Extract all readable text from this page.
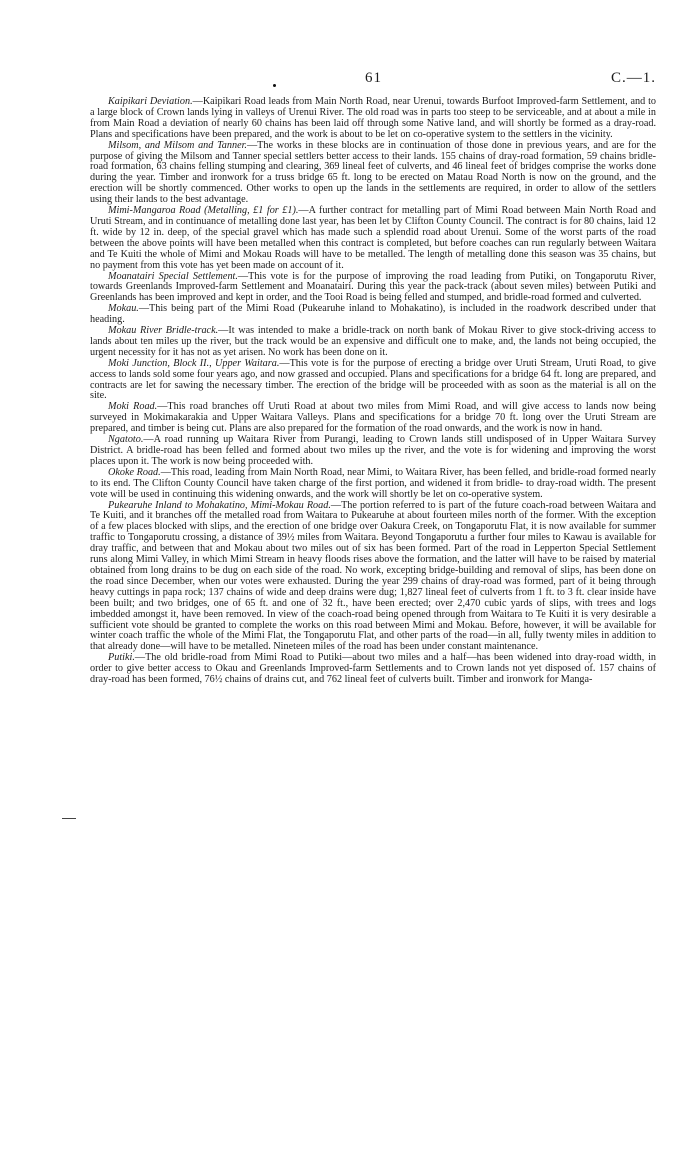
61	C.—1.

Kaipikari Deviation.—Kaipikari Road leads from Main North Road, near Urenui, towards Burfoot Improved-farm Settlement, and to a large block of Crown lands lying in valleys of Urenui River. The old road was in parts too steep to be serviceable, and at about a mile in from Main Road a deviation of nearly 60 chains has been laid off through some Native land, and will shortly be formed as a dray-road. Plans and specifications have been prepared, and the work is about to be let on co-operative system to the settlers in the vicinity.

Milsom, and Milsom and Tanner.—The works in these blocks are in continuation of those done in previous years, and are for the purpose of giving the Milsom and Tanner special settlers better access to their lands. 155 chains of dray-road formation, 59 chains bridle-road formation, 63 chains felling stumping and clearing, 369 lineal feet of culverts, and 46 lineal feet of bridges comprise the works done during the year. Timber and ironwork for a truss bridge 65 ft. long to be erected on Matau Road North is now on the ground, and the erection will be shortly commenced. Other works to open up the lands in the settlements are required, in order to allow of the settlers using their lands to the best advantage.

Mimi-Mangaroa Road (Metalling, £1 for £1).—A further contract for metalling part of Mimi Road between Main North Road and Uruti Stream, and in continuance of metalling done last year, has been let by Clifton County Council. The contract is for 80 chains, laid 12 ft. wide by 12 in. deep, of the special gravel which has made such a splendid road about Urenui. Some of the worst parts of the road between the above points will have been metalled when this contract is completed, but before coaches can run regularly between Waitara and Te Kuiti the whole of Mimi and Mokau Roads will have to be metalled. The length of metalling done this season was 35 chains, but no payment from this vote has yet been made on account of it.

Moanatairi Special Settlement.—This vote is for the purpose of improving the road leading from Putiki, on Tongaporutu River, towards Greenlands Improved-farm Settlement and Moanatairi. During this year the pack-track (about seven miles) between Putiki and Greenlands has been improved and kept in order, and the Tooi Road is being felled and stumped, and bridle-road formed and culverted.

Mokau.—This being part of the Mimi Road (Pukearuhe inland to Mohakatino), is included in the roadwork described under that heading.

Mokau River Bridle-track.—It was intended to make a bridle-track on north bank of Mokau River to give stock-driving access to lands about ten miles up the river, but the track would be an expensive and difficult one to make, and, the lands not being occupied, the urgent necessity for it has not as yet arisen. No work has been done on it.

Moki Junction, Block II., Upper Waitara.—This vote is for the purpose of erecting a bridge over Uruti Stream, Uruti Road, to give access to lands sold some four years ago, and now grassed and occupied. Plans and specifications for a bridge 64 ft. long are prepared, and contracts are let for sawing the necessary timber. The erection of the bridge will be proceeded with as soon as the material is all on the site.

Moki Road.—This road branches off Uruti Road at about two miles from Mimi Road, and will give access to lands now being surveyed in Mokimakarakia and Upper Waitara Valleys. Plans and specifications for a bridge 70 ft. long over the Uruti Stream are prepared, and timber is being cut. Plans are also prepared for the formation of the road onwards, and the work is now in hand.

Ngatoto.—A road running up Waitara River from Purangi, leading to Crown lands still undisposed of in Upper Waitara Survey District. A bridle-road has been felled and formed about two miles up the river, and the vote is for widening and improving the worst places upon it. The work is now being proceeded with.

Okoke Road.—This road, leading from Main North Road, near Mimi, to Waitara River, has been felled, and bridle-road formed nearly to its end. The Clifton County Council have taken charge of the first portion, and widened it from bridle- to dray-road width. The present vote will be used in continuing this widening onwards, and the work will shortly be let on co-operative system.

Pukearuhe Inland to Mohakatino, Mimi-Mokau Road.—The portion referred to is part of the future coach-road between Waitara and Te Kuiti, and it branches off the metalled road from Waitara to Pukearuhe at about fourteen miles north of the former. With the exception of a few places blocked with slips, and the erection of one bridge over Oakura Creek, on Tongaporutu Flat, it is now available for summer traffic to Tongaporutu crossing, a distance of 39½ miles from Waitara. Beyond Tongaporutu a further four miles to Kawau is available for dray traffic, and between that and Mokau about two miles out of six has been formed. Part of the road in Lepperton Special Settlement runs along Mimi Valley, in which Mimi Stream in heavy floods rises above the formation, and the latter will have to be raised by material obtained from long drains to be dug on each side of the road. No work, excepting bridge-building and removal of slips, has been done on the road since December, when our votes were exhausted. During the year 299 chains of dray-road was formed, part of it being through heavy cuttings in papa rock; 137 chains of wide and deep drains were dug; 1,827 lineal feet of culverts from 1 ft. to 3 ft. clear inside have been built; and two bridges, one of 65 ft. and one of 32 ft., have been erected; over 2,470 cubic yards of slips, with trees and logs imbedded amongst it, have been removed. In view of the coach-road being opened through from Waitara to Te Kuiti it is very desirable a sufficient vote should be granted to complete the works on this road between Mimi and Mokau. Before, however, it will be available for winter coach traffic the whole of the Mimi Flat, the Tongaporutu Flat, and other parts of the road—in all, fully twenty miles in addition to that already done—will have to be metalled. Nineteen miles of the road has been under constant maintenance.

Putiki.—The old bridle-road from Mimi Road to Putiki—about two miles and a half—has been widened into dray-road width, in order to give better access to Okau and Greenlands Improved-farm Settlements and to Crown lands not yet disposed of. 157 chains of dray-road has been formed, 76½ chains of drains cut, and 762 lineal feet of culverts built. Timber and ironwork for Manga-
